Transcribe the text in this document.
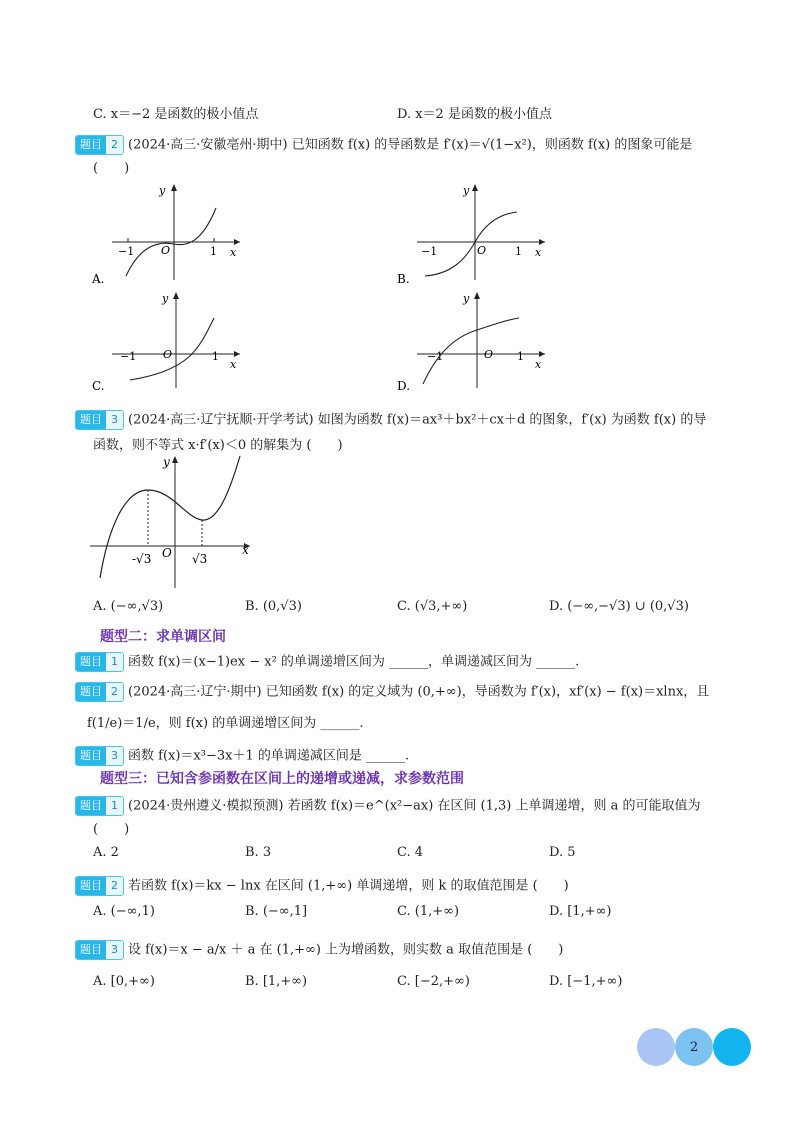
C. x＝−2 是函数的极小值点	D. x＝2 是函数的极小值点
题目 2 (2024·高三·安徽亳州·期中) 已知函数 f(x) 的导函数是 f′(x)＝√(1−x²)，则函数 f(x) 的图象可能是
(　　)
y
x
O
−1	1
A.
y
x
O
−1	1
B.
y
x
O
−1	1
C.
y
x
O
−1	1
D.
题目 3 (2024·高三·辽宁抚顺·开学考试) 如图为函数 f(x)＝ax³＋bx²＋cx＋d 的图象，f′(x) 为函数 f(x) 的导
函数，则不等式 x·f′(x)＜0 的解集为 (　　)
y
x
O
-√3	√3
A. (−∞,√3)	B. (0,√3)	C. (√3,+∞)	D. (−∞,−√3) ∪ (0,√3)
题型二：求单调区间
题目 1 函数 f(x)＝(x−1)ex − x² 的单调递增区间为 ______，单调递减区间为 ______.
题目 2 (2024·高三·辽宁·期中) 已知函数 f(x) 的定义域为 (0,+∞)，导函数为 f′(x)，xf′(x) − f(x)＝xlnx，且
f(1/e)＝1/e，则 f(x) 的单调递增区间为 ______.
题目 3 函数 f(x)＝x³−3x＋1 的单调递减区间是 ______.
题型三：已知含参函数在区间上的递增或递减，求参数范围
题目 1 (2024·贵州遵义·模拟预测) 若函数 f(x)＝e^(x²−ax) 在区间 (1,3) 上单调递增，则 a 的可能取值为
(　　)
A. 2	B. 3	C. 4	D. 5
题目 2 若函数 f(x)＝kx − lnx 在区间 (1,+∞) 单调递增，则 k 的取值范围是 (　　)
A. (−∞,1)	B. (−∞,1]	C. (1,+∞)	D. [1,+∞)
题目 3 设 f(x)＝x − a/x ＋ a 在 (1,+∞) 上为增函数，则实数 a 取值范围是 (　　)
A. [0,+∞)	B. [1,+∞)	C. [−2,+∞)	D. [−1,+∞)
2
